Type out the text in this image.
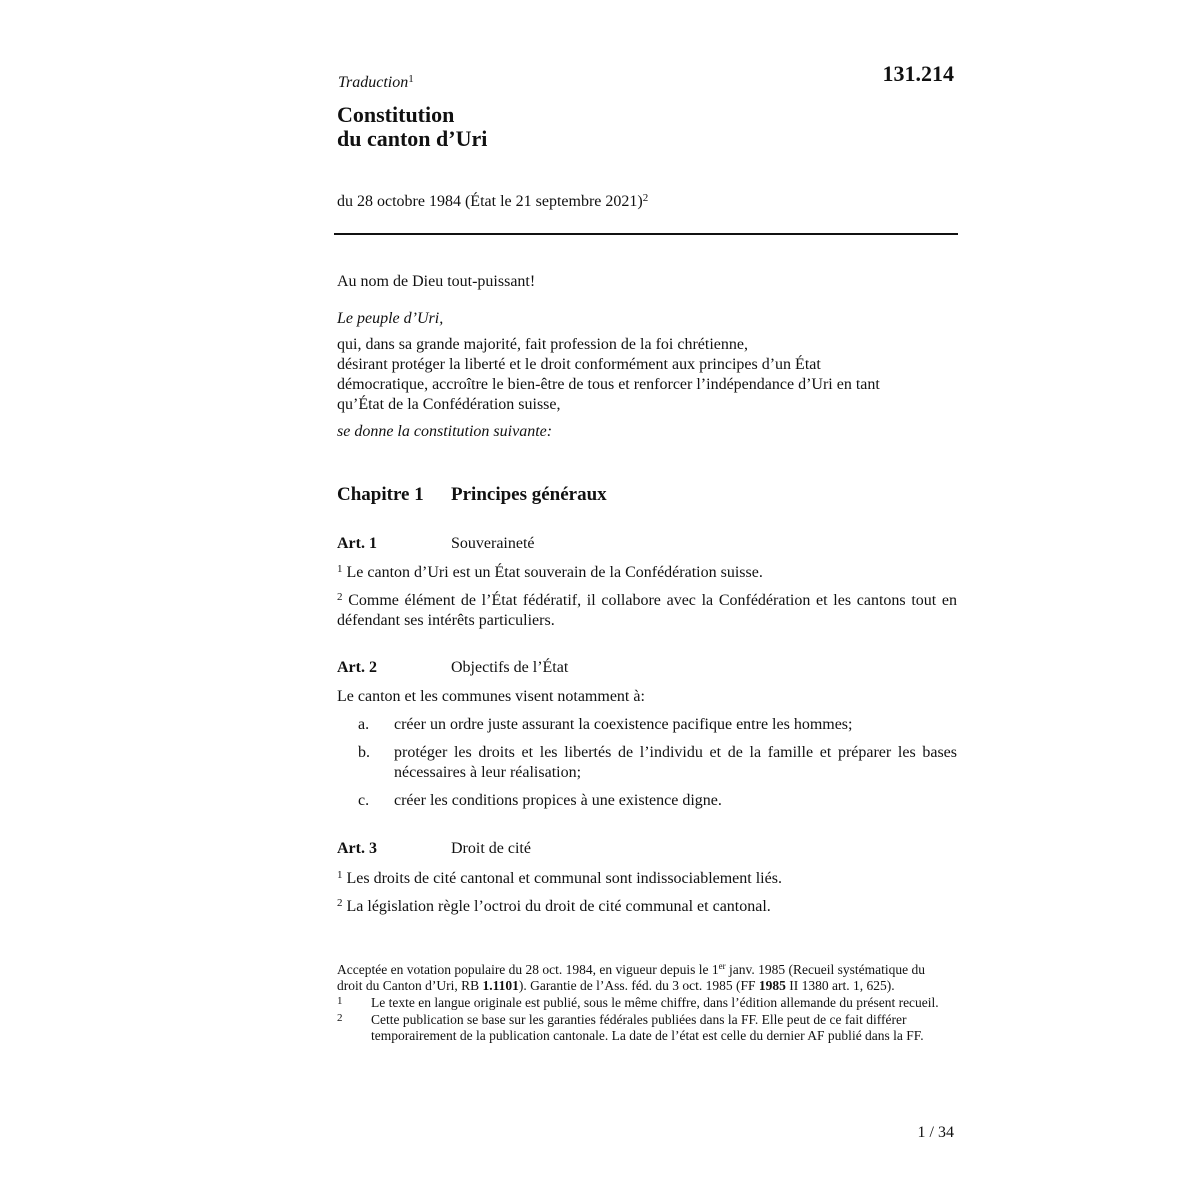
131.214
Traduction$^1$
Constitution
du canton d’Uri
du 28 octobre 1984 (État le 21 septembre 2021)$^2$
Au nom de Dieu tout-puissant!
Le peuple d’Uri,
qui, dans sa grande majorité, fait profession de la foi chrétienne,
désirant protéger la liberté et le droit conformément aux principes d’un État
démocratique, accroître le bien-être de tous et renforcer l’indépendance d’Uri en tant
qu’État de la Confédération suisse,
se donne la constitution suivante:
Chapitre 1 Principes généraux
Art. 1	Souveraineté
$^1$ Le canton d’Uri est un État souverain de la Confédération suisse.
$^2$ Comme élément de l’État fédératif, il collabore avec la Confédération et les cantons tout en défendant ses intérêts particuliers.
Art. 2	Objectifs de l’État
Le canton et les communes visent notamment à:
a. créer un ordre juste assurant la coexistence pacifique entre les hommes;
b. protéger les droits et les libertés de l’individu et de la famille et préparer les bases nécessaires à leur réalisation;
c. créer les conditions propices à une existence digne.
Art. 3	Droit de cité
$^1$ Les droits de cité cantonal et communal sont indissociablement liés.
$^2$ La législation règle l’octroi du droit de cité communal et cantonal.
Acceptée en votation populaire du 28 oct. 1984, en vigueur depuis le 1er janv. 1985 (Recueil systématique du droit du Canton d’Uri, RB 1.1101). Garantie de l’Ass. féd. du 3 oct. 1985 (FF 1985 II 1380 art. 1, 625).
1 Le texte en langue originale est publié, sous le même chiffre, dans l’édition allemande du présent recueil.
2 Cette publication se base sur les garanties fédérales publiées dans la FF. Elle peut de ce fait différer temporairement de la publication cantonale. La date de l’état est celle du dernier AF publié dans la FF.
1 / 34
